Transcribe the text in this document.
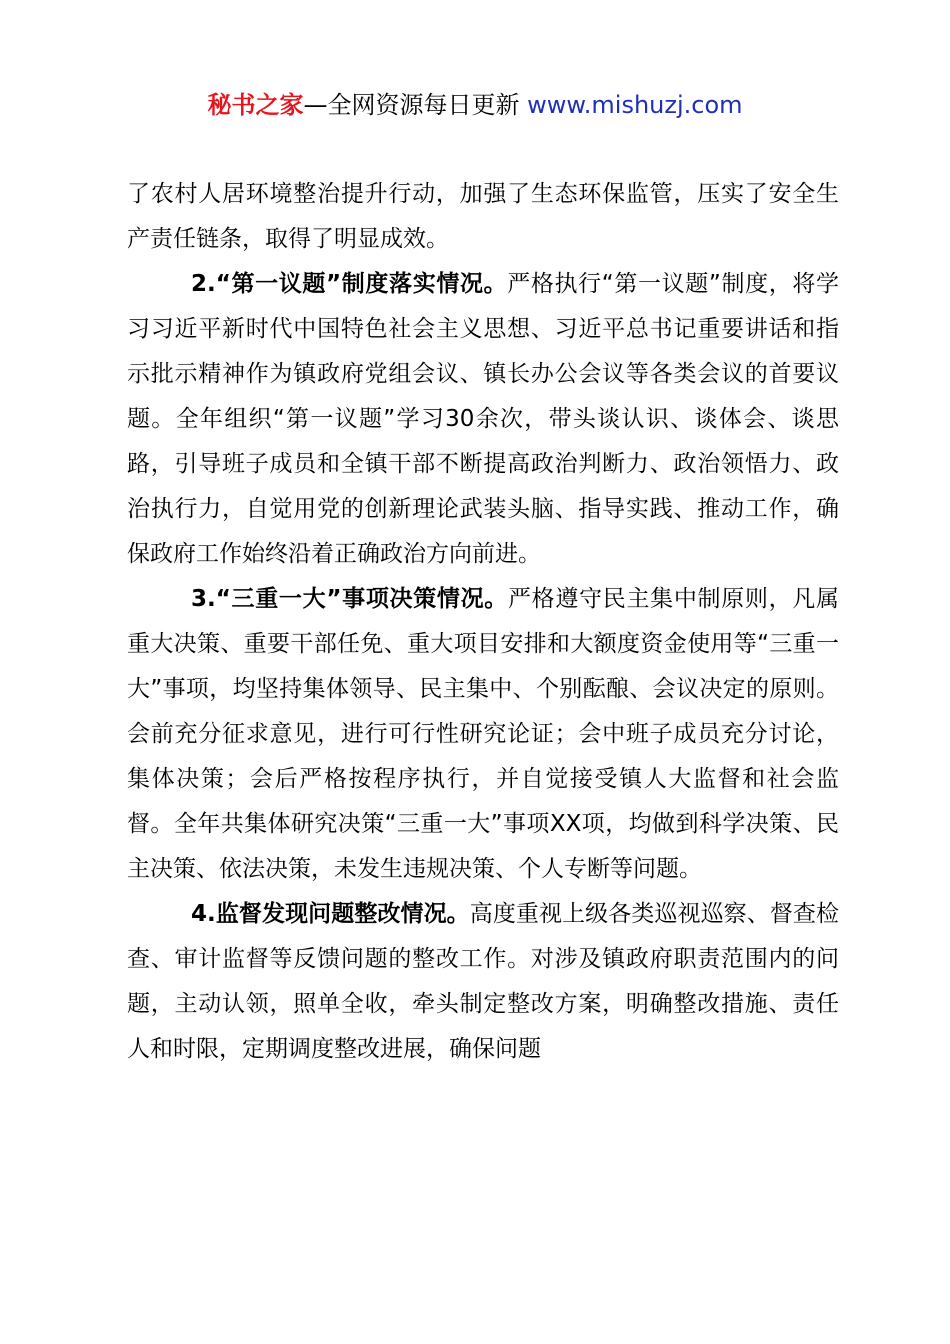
秘书之家—全网资源每日更新 www.mishuzj.com

了农村人居环境整治提升行动，加强了生态环保监管，压实了安全生产责任链条，取得了明显成效。

2.“第一议题”制度落实情况。严格执行“第一议题”制度，将学习习近平新时代中国特色社会主义思想、习近平总书记重要讲话和指示批示精神作为镇政府党组会议、镇长办公会议等各类会议的首要议题。全年组织“第一议题”学习30余次，带头谈认识、谈体会、谈思路，引导班子成员和全镇干部不断提高政治判断力、政治领悟力、政治执行力，自觉用党的创新理论武装头脑、指导实践、推动工作，确保政府工作始终沿着正确政治方向前进。

3.“三重一大”事项决策情况。严格遵守民主集中制原则，凡属重大决策、重要干部任免、重大项目安排和大额度资金使用等“三重一大”事项，均坚持集体领导、民主集中、个别酝酿、会议决定的原则。会前充分征求意见，进行可行性研究论证；会中班子成员充分讨论，集体决策；会后严格按程序执行，并自觉接受镇人大监督和社会监督。全年共集体研究决策“三重一大”事项XX项，均做到科学决策、民主决策、依法决策，未发生违规决策、个人专断等问题。

4.监督发现问题整改情况。高度重视上级各类巡视巡察、督查检查、审计监督等反馈问题的整改工作。对涉及镇政府职责范围内的问题，主动认领，照单全收，牵头制定整改方案，明确整改措施、责任人和时限，定期调度整改进展，确保问题
